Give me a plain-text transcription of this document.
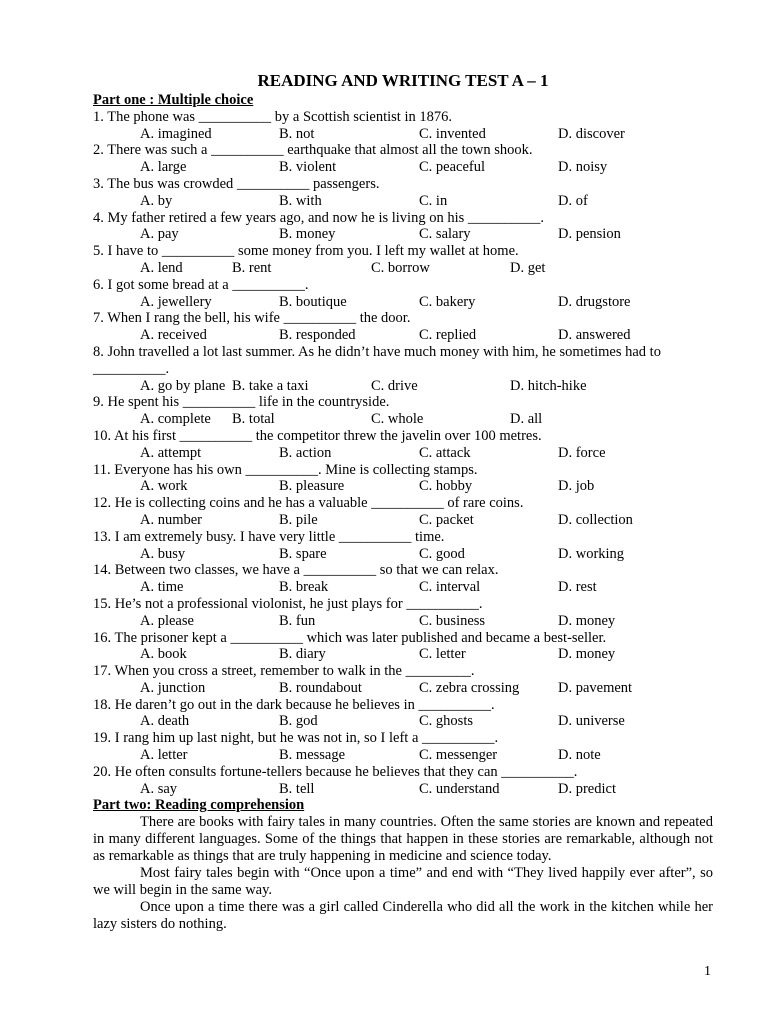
READING AND WRITING TEST A – 1
Part one : Multiple choice
1. The phone was __________ by a Scottish scientist in 1876.
A. imagined	B. not	C. invented	D. discover
2. There was such a __________ earthquake that almost all the town shook.
A. large	B. violent	C. peaceful	D. noisy
3. The bus was crowded __________ passengers.
A. by	B. with	C. in	D. of
4. My father retired a few years ago, and now he is living on his __________.
A. pay	B. money	C. salary	D. pension
5. I have to __________ some money from you. I left my wallet at home.
A. lend	B. rent	C. borrow	D. get
6. I got some bread at a __________.
A. jewellery	B. boutique	C. bakery	D. drugstore
7. When I rang the bell, his wife __________ the door.
A. received	B. responded	C. replied	D. answered
8. John travelled a lot last summer. As he didn’t have much money with him, he sometimes had to
__________.
A. go by plane B. take a taxi	C. drive	D. hitch-hike
9. He spent his __________ life in the countryside.
A. complete B. total	C. whole	D. all
10. At his first __________ the competitor threw the javelin over 100 metres.
A. attempt	B. action	C. attack	D. force
11. Everyone has his own __________. Mine is collecting stamps.
A. work	B. pleasure	C. hobby	D. job
12. He is collecting coins and he has a valuable __________ of rare coins.
A. number	B. pile	C. packet	D. collection
13. I am extremely busy. I have very little __________ time.
A. busy	B. spare	C. good	D. working
14. Between two classes, we have a __________ so that we can relax.
A. time	B. break	C. interval	D. rest
15. He’s not a professional violonist, he just plays for __________.
A. please	B. fun	C. business	D. money
16. The prisoner kept a __________ which was later published and became a best-seller.
A. book	B. diary	C. letter	D. money
17. When you cross a street, remember to walk in the _________.
A. junction	B. roundabout	C. zebra crossing	D. pavement
18. He daren’t go out in the dark because he believes in __________.
A. death	B. god	C. ghosts	D. universe
19. I rang him up last night, but he was not in, so I left a __________.
A. letter	B. message	C. messenger	D. note
20. He often consults fortune-tellers because he believes that they can __________.
A. say	B. tell	C. understand	D. predict
Part two: Reading comprehension

There are books with fairy tales in many countries. Often the same stories are known and repeated in many different languages. Some of the things that happen in these stories are remarkable, although not as remarkable as things that are truly happening in medicine and science today.

Most fairy tales begin with “Once upon a time” and end with “They lived happily ever after”, so we will begin in the same way.

Once upon a time there was a girl called Cinderella who did all the work in the kitchen while her lazy sisters do nothing.

1
